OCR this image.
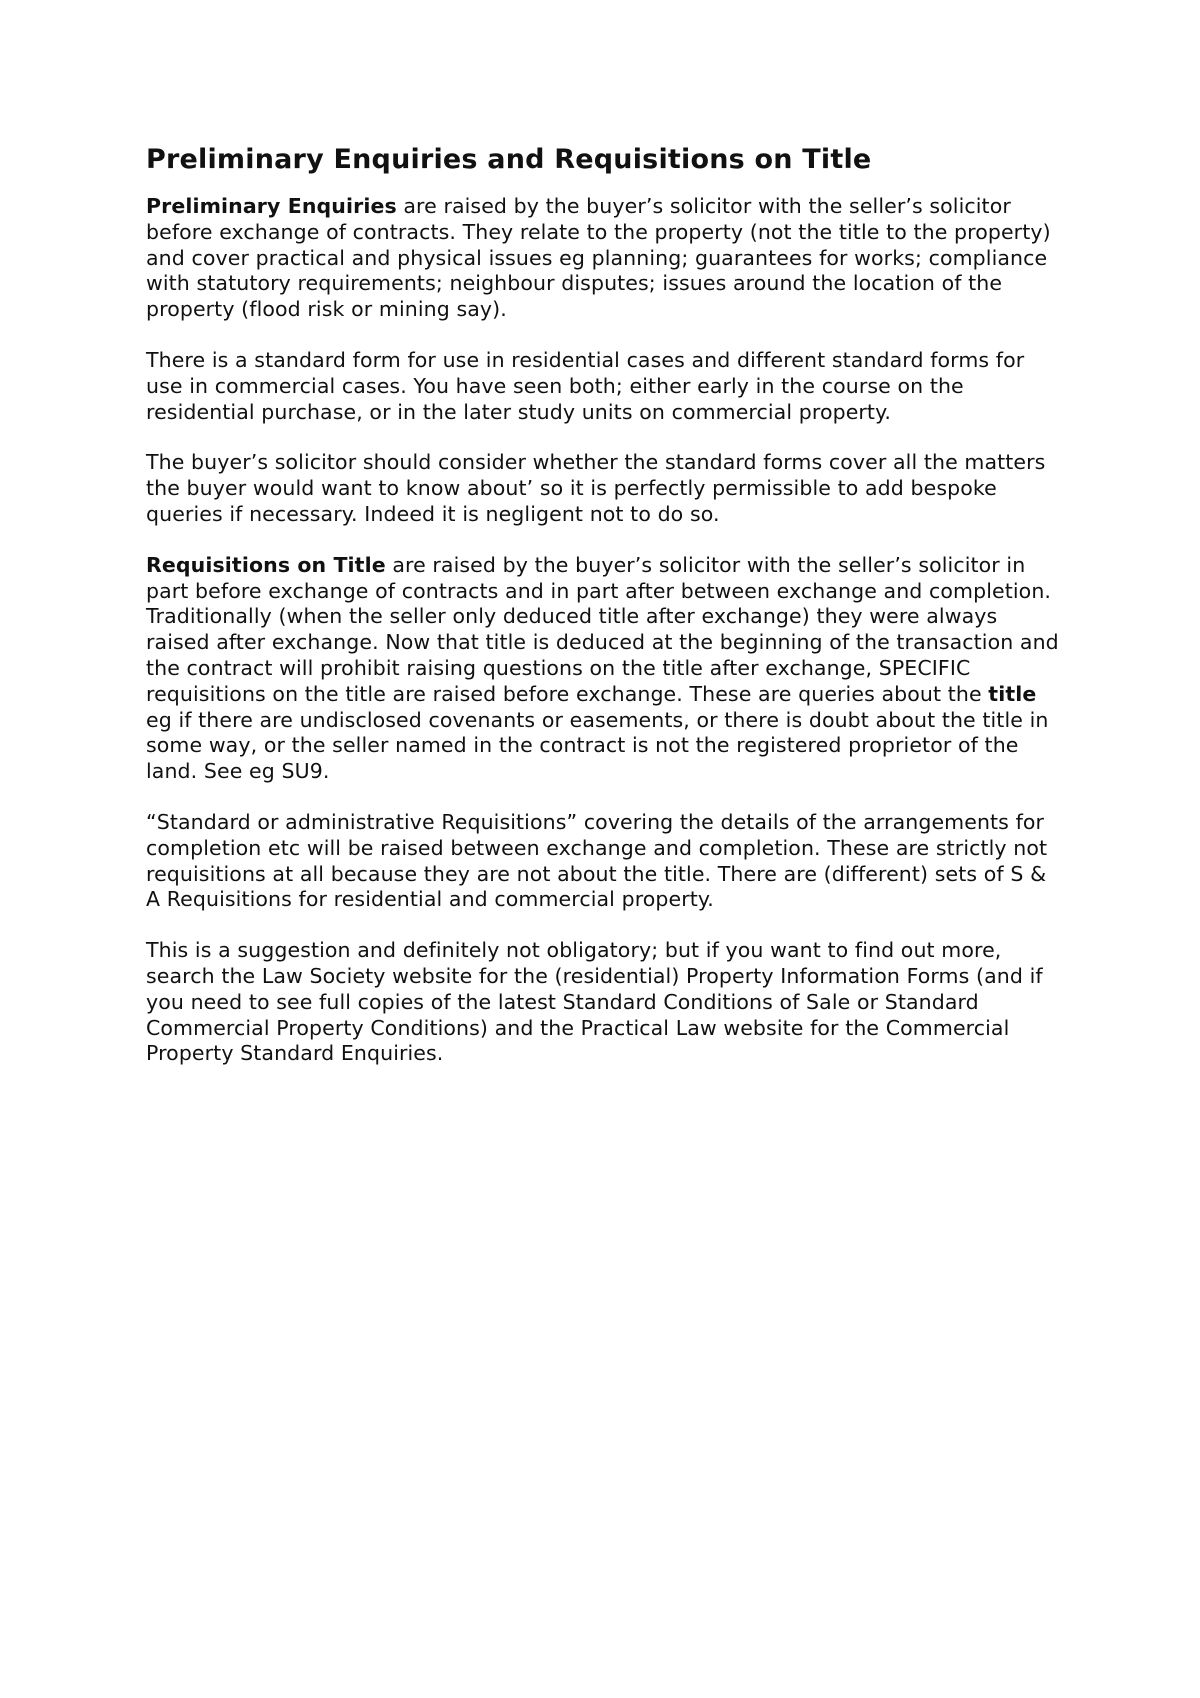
Preliminary Enquiries and Requisitions on Title

Preliminary Enquiries are raised by the buyer’s solicitor with the seller’s solicitor before exchange of contracts. They relate to the property (not the title to the property) and cover practical and physical issues eg planning; guarantees for works; compliance with statutory requirements; neighbour disputes; issues around the location of the property (flood risk or mining say).

There is a standard form for use in residential cases and different standard forms for use in commercial cases. You have seen both; either early in the course on the residential purchase, or in the later study units on commercial property.

The buyer’s solicitor should consider whether the standard forms cover all the matters the buyer would want to know about’ so it is perfectly permissible to add bespoke queries if necessary. Indeed it is negligent not to do so.

Requisitions on Title are raised by the buyer’s solicitor with the seller’s solicitor in part before exchange of contracts and in part after between exchange and completion. Traditionally (when the seller only deduced title after exchange) they were always raised after exchange. Now that title is deduced at the beginning of the transaction and the contract will prohibit raising questions on the title after exchange, SPECIFIC requisitions on the title are raised before exchange. These are queries about the title eg if there are undisclosed covenants or easements, or there is doubt about the title in some way, or the seller named in the contract is not the registered proprietor of the land. See eg SU9.

“Standard or administrative Requisitions” covering the details of the arrangements for completion etc will be raised between exchange and completion. These are strictly not requisitions at all because they are not about the title. There are (different) sets of S & A Requisitions for residential and commercial property.

This is a suggestion and definitely not obligatory; but if you want to find out more, search the Law Society website for the (residential) Property Information Forms (and if you need to see full copies of the latest Standard Conditions of Sale or Standard Commercial Property Conditions) and the Practical Law website for the Commercial Property Standard Enquiries.
